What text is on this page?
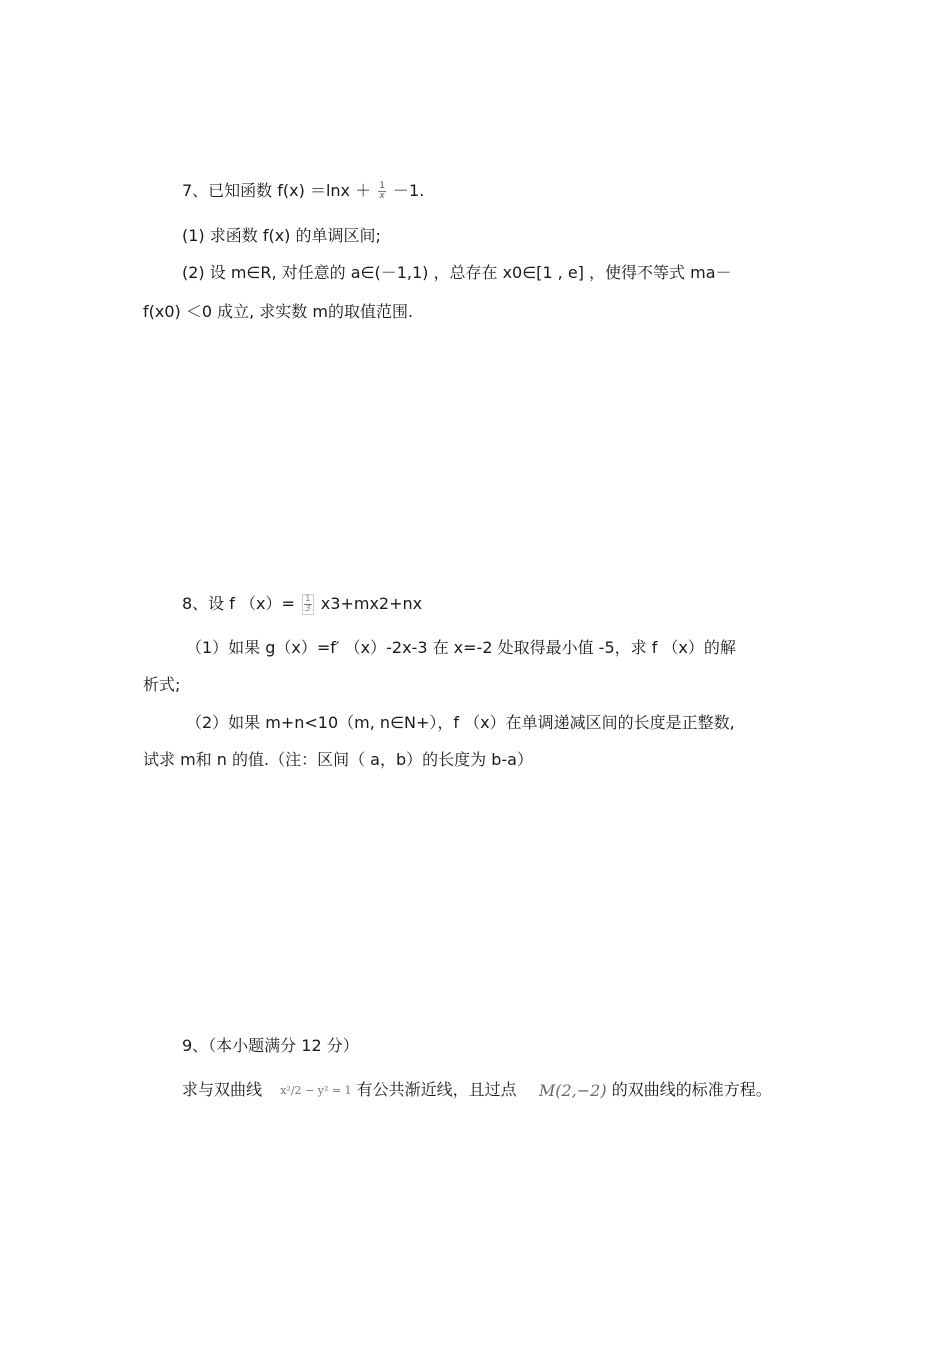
7、已知函数 $f(x) =\ln x + \frac{1}{x} -1$.
(1) 求函数 f(x) 的单调区间;
(2) 设 m∈R, 对任意的 a∈(－1,1) ，总存在 x0∈[1 , e] ，使得不等式 ma－
f(x0) ＜0 成立, 求实数 m的取值范围.
8、设 f $(x)= \frac{1}{3} x3+mx2+nx$
（1）如果 g（x）=f′ （x）-2x-3 在 x=-2 处取得最小值 -5，求 f （x）的解
析式;
（2）如果 m+n<10（m, n∈N+），f （x）在单调递减区间的长度是正整数,
试求 m和 n 的值.（注：区间（ a，b）的长度为 b-a）
9、（本小题满分 12 分）
求与双曲线 x²/2 − y² = 1 有公共渐近线，且过点 M(2,−2) 的双曲线的标准方程。
